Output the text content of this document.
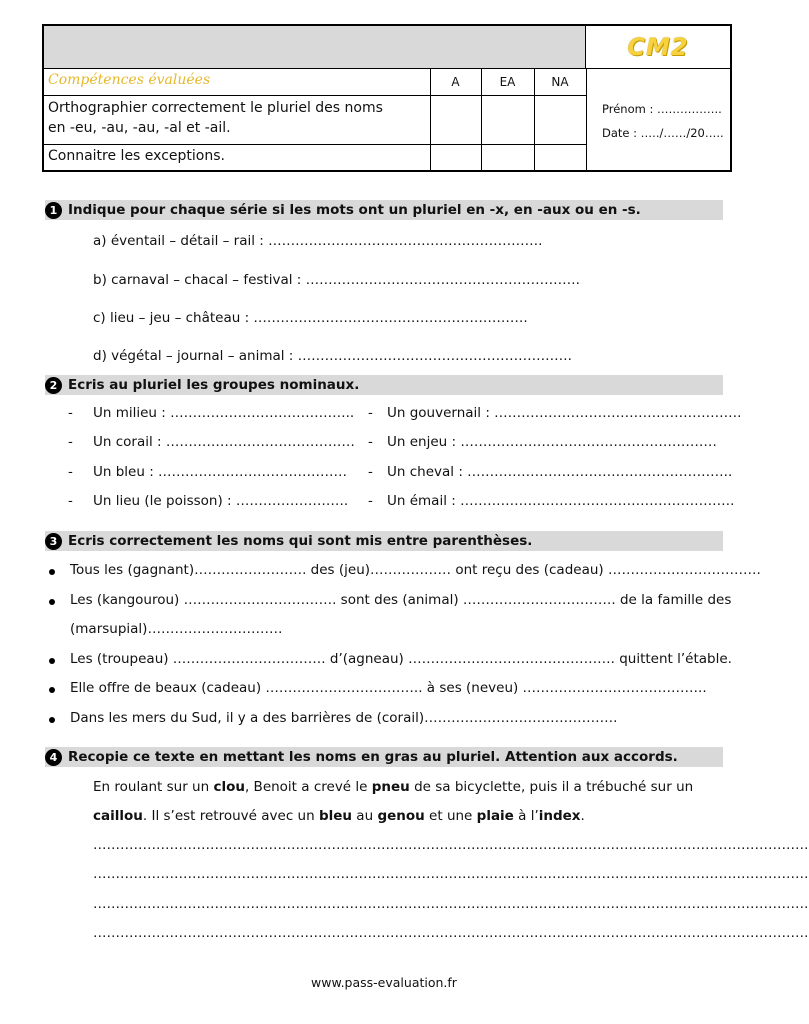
CM2
Compétences évaluées	A	EA	NA
Orthographier correctement le pluriel des noms
en -eu, -au, -au, -al et -ail.
Connaitre les exceptions.
Prénom : ……………..
Date : …../……/20…..
1 Indique pour chaque série si les mots ont un pluriel en -x, en -aux ou en -s.
a) éventail – détail – rail : …………………………………………………….
b) carnaval – chacal – festival : …………………………………………………….
c) lieu – jeu – château : …………………………………………………….
d) végétal – journal – animal : …………………………………………………….
2 Ecris au pluriel les groupes nominaux.
- Un milieu : ………………………………….. - Un gouvernail : ……………………………………………….
- Un corail : …………………………………… - Un enjeu : …………………………………………………
- Un bleu : …………………………………… - Un cheval : …………………………………………………..
- Un lieu (le poisson) : ……………………. - Un émail : …………………………………………………….
3 Ecris correctement les noms qui sont mis entre parenthèses.
Tous les (gagnant)……………………. des (jeu)……………… ont reçu des (cadeau) …………………………….
Les (kangourou) ……………………………. sont des (animal) ……………………………. de la famille des
(marsupial)…………………………
Les (troupeau) ……………………………. d’(agneau) ………………………………………. quittent l’étable.
Elle offre de beaux (cadeau) …………………………….. à ses (neveu) …………………………………..
Dans les mers du Sud, il y a des barrières de (corail)…………………………………….
4 Recopie ce texte en mettant les noms en gras au pluriel. Attention aux accords.
En roulant sur un clou, Benoit a crevé le pneu de sa bicyclette, puis il a trébuché sur un
caillou. Il s’est retrouvé avec un bleu au genou et une plaie à l’index.
……………………………………………………………………………………………………………………………………………
……………………………………………………………………………………………………………………………………………
……………………………………………………………………………………………………………………………………………
……………………………………………………………………………………………………………………………………………
www.pass-evaluation.fr
